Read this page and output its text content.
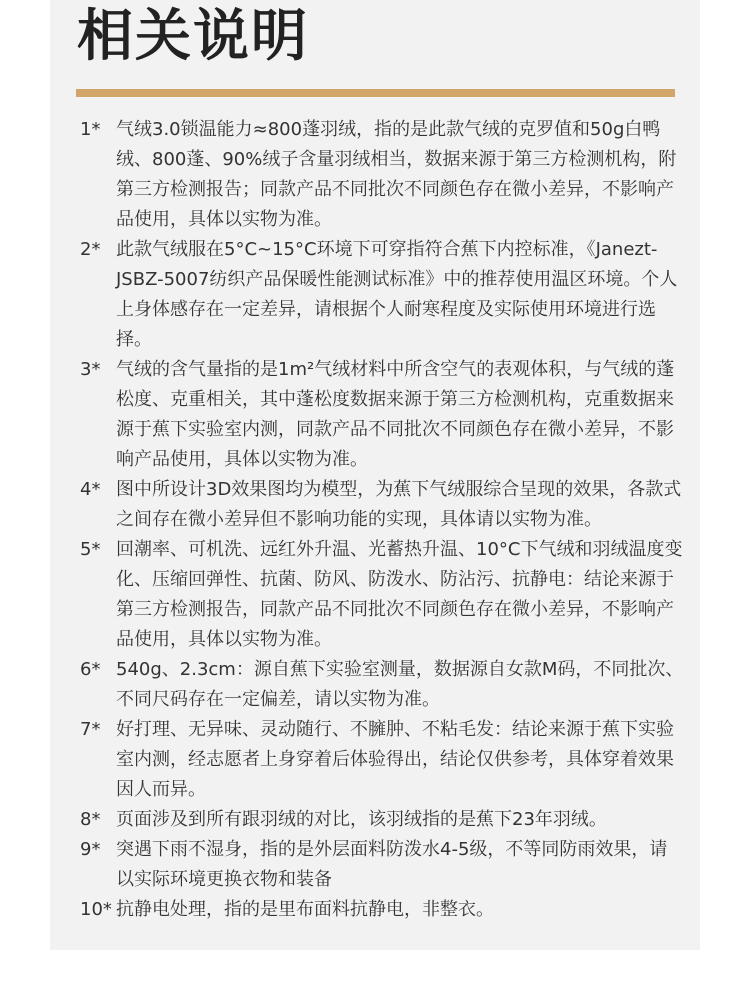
相关说明
1* 气绒3.0锁温能力≈800蓬羽绒，指的是此款气绒的克罗值和50g白鸭绒、800蓬、90%绒子含量羽绒相当，数据来源于第三方检测机构，附第三方检测报告；同款产品不同批次不同颜色存在微小差异，不影响产品使用，具体以实物为准。
2* 此款气绒服在5°C~15°C环境下可穿指符合蕉下内控标准，《Janezt-JSBZ-5007纺织产品保暖性能测试标准》中的推荐使用温区环境。个人上身体感存在一定差异，请根据个人耐寒程度及实际使用环境进行选择。
3* 气绒的含气量指的是1m²气绒材料中所含空气的表观体积，与气绒的蓬松度、克重相关，其中蓬松度数据来源于第三方检测机构，克重数据来源于蕉下实验室内测，同款产品不同批次不同颜色存在微小差异，不影响产品使用，具体以实物为准。
4* 图中所设计3D效果图均为模型，为蕉下气绒服综合呈现的效果，各款式之间存在微小差异但不影响功能的实现，具体请以实物为准。
5* 回潮率、可机洗、远红外升温、光蓄热升温、10°C下气绒和羽绒温度变化、压缩回弹性、抗菌、防风、防泼水、防沾污、抗静电：结论来源于第三方检测报告，同款产品不同批次不同颜色存在微小差异，不影响产品使用，具体以实物为准。
6* 540g、2.3cm：源自蕉下实验室测量，数据源自女款M码，不同批次、不同尺码存在一定偏差，请以实物为准。
7* 好打理、无异味、灵动随行、不臃肿、不粘毛发：结论来源于蕉下实验室内测，经志愿者上身穿着后体验得出，结论仅供参考，具体穿着效果因人而异。
8* 页面涉及到所有跟羽绒的对比，该羽绒指的是蕉下23年羽绒。
9* 突遇下雨不湿身，指的是外层面料防泼水4-5级，不等同防雨效果，请以实际环境更换衣物和装备
10* 抗静电处理，指的是里布面料抗静电，非整衣。
